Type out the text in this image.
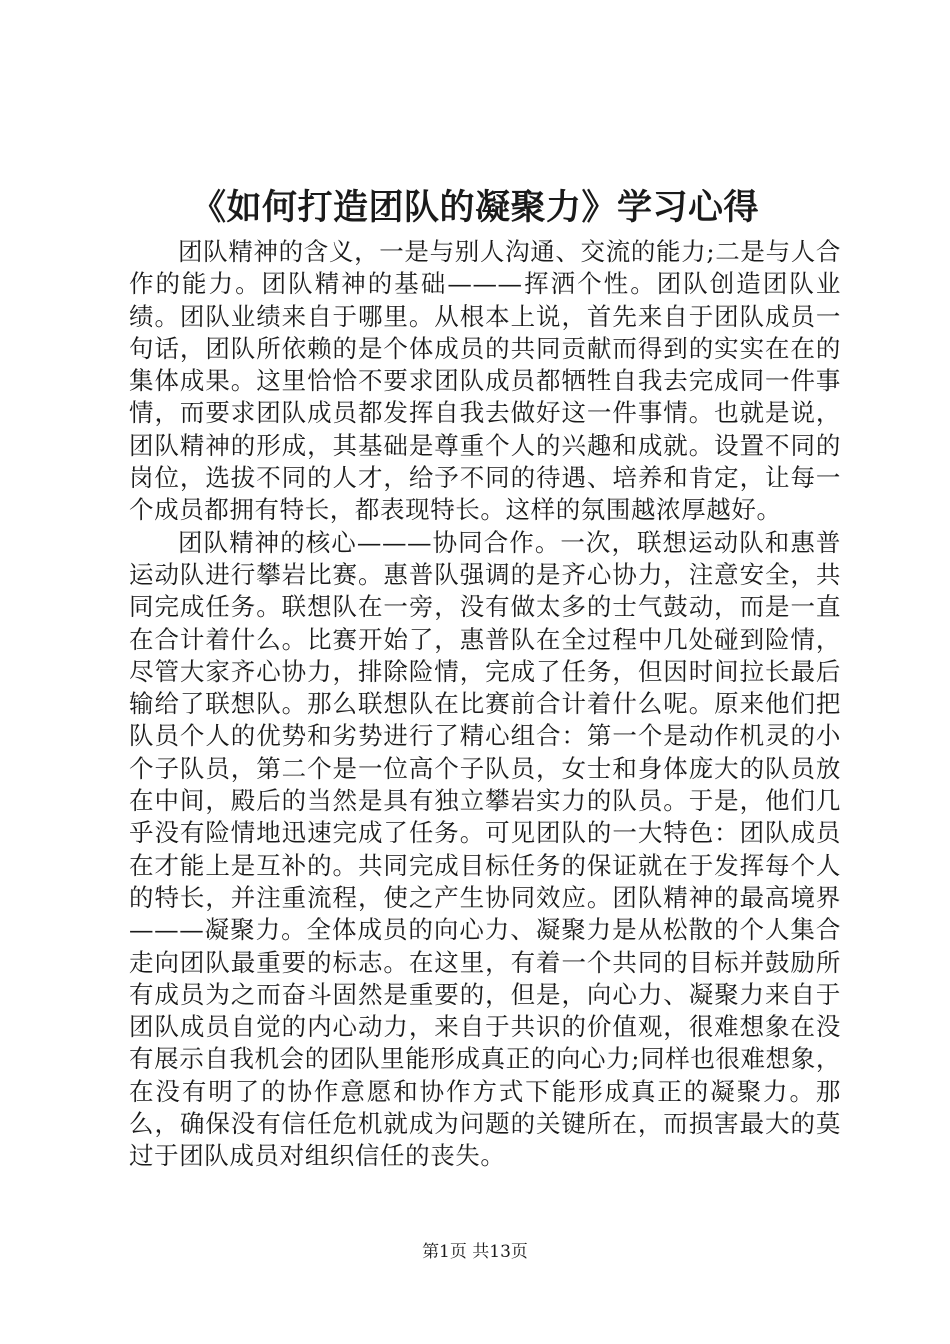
《如何打造团队的凝聚力》学习心得

团队精神的含义，一是与别人沟通、交流的能力;二是与人合作的能力。团队精神的基础———挥洒个性。团队创造团队业绩。团队业绩来自于哪里。从根本上说，首先来自于团队成员一句话，团队所依赖的是个体成员的共同贡献而得到的实实在在的集体成果。这里恰恰不要求团队成员都牺牲自我去完成同一件事情，而要求团队成员都发挥自我去做好这一件事情。也就是说，团队精神的形成，其基础是尊重个人的兴趣和成就。设置不同的岗位，选拔不同的人才，给予不同的待遇、培养和肯定，让每一个成员都拥有特长，都表现特长。这样的氛围越浓厚越好。

团队精神的核心———协同合作。一次，联想运动队和惠普运动队进行攀岩比赛。惠普队强调的是齐心协力，注意安全，共同完成任务。联想队在一旁，没有做太多的士气鼓动，而是一直在合计着什么。比赛开始了，惠普队在全过程中几处碰到险情，尽管大家齐心协力，排除险情，完成了任务，但因时间拉长最后输给了联想队。那么联想队在比赛前合计着什么呢。原来他们把队员个人的优势和劣势进行了精心组合：第一个是动作机灵的小个子队员，第二个是一位高个子队员，女士和身体庞大的队员放在中间，殿后的当然是具有独立攀岩实力的队员。于是，他们几乎没有险情地迅速完成了任务。可见团队的一大特色：团队成员在才能上是互补的。共同完成目标任务的保证就在于发挥每个人的特长，并注重流程，使之产生协同效应。团队精神的最高境界———凝聚力。全体成员的向心力、凝聚力是从松散的个人集合走向团队最重要的标志。在这里，有着一个共同的目标并鼓励所有成员为之而奋斗固然是重要的，但是，向心力、凝聚力来自于团队成员自觉的内心动力，来自于共识的价值观，很难想象在没有展示自我机会的团队里能形成真正的向心力;同样也很难想象，在没有明了的协作意愿和协作方式下能形成真正的凝聚力。那么，确保没有信任危机就成为问题的关键所在，而损害最大的莫过于团队成员对组织信任的丧失。

第1页 共13页
